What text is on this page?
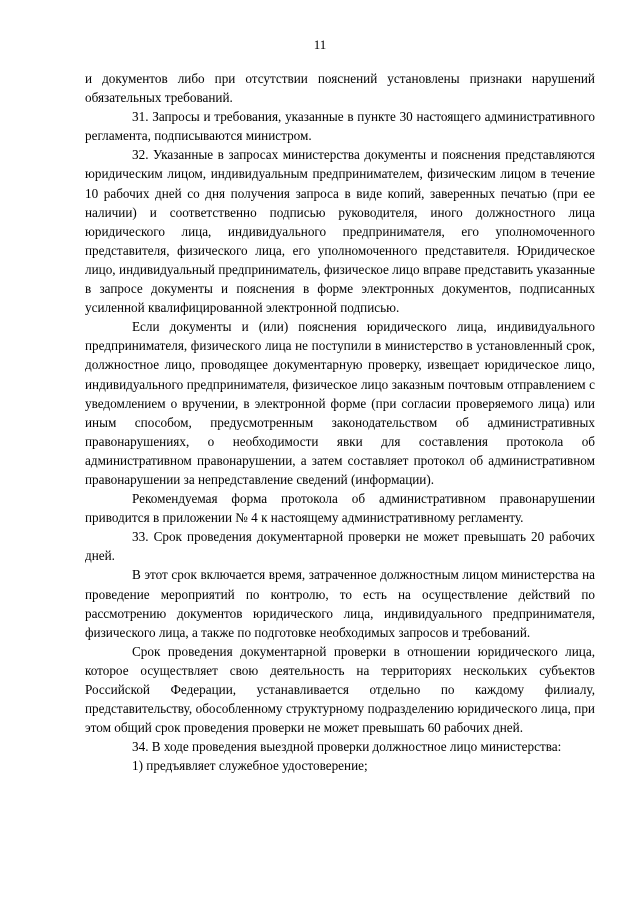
11

и документов либо при отсутствии пояснений установлены признаки нарушений обязательных требований.

31. Запросы и требования, указанные в пункте 30 настоящего административного регламента, подписываются министром.

32. Указанные в запросах министерства документы и пояснения представляются юридическим лицом, индивидуальным предпринимателем, физическим лицом в течение 10 рабочих дней со дня получения запроса в виде копий, заверенных печатью (при ее наличии) и соответственно подписью руководителя, иного должностного лица юридического лица, индивидуального предпринимателя, его уполномоченного представителя, физического лица, его уполномоченного представителя. Юридическое лицо, индивидуальный предприниматель, физическое лицо вправе представить указанные в запросе документы и пояснения в форме электронных документов, подписанных усиленной квалифицированной электронной подписью.

Если документы и (или) пояснения юридического лица, индивидуального предпринимателя, физического лица не поступили в министерство в установленный срок, должностное лицо, проводящее документарную проверку, извещает юридическое лицо, индивидуального предпринимателя, физическое лицо заказным почтовым отправлением с уведомлением о вручении, в электронной форме (при согласии проверяемого лица) или иным способом, предусмотренным законодательством об административных правонарушениях, о необходимости явки для составления протокола об административном правонарушении, а затем составляет протокол об административном правонарушении за непредставление сведений (информации).

Рекомендуемая форма протокола об административном правонарушении приводится в приложении № 4 к настоящему административному регламенту.

33. Срок проведения документарной проверки не может превышать 20 рабочих дней.

В этот срок включается время, затраченное должностным лицом министерства на проведение мероприятий по контролю, то есть на осуществление действий по рассмотрению документов юридического лица, индивидуального предпринимателя, физического лица, а также по подготовке необходимых запросов и требований.

Срок проведения документарной проверки в отношении юридического лица, которое осуществляет свою деятельность на территориях нескольких субъектов Российской Федерации, устанавливается отдельно по каждому филиалу, представительству, обособленному структурному подразделению юридического лица, при этом общий срок проведения проверки не может превышать 60 рабочих дней.

34. В ходе проведения выездной проверки должностное лицо министерства:

1) предъявляет служебное удостоверение;
